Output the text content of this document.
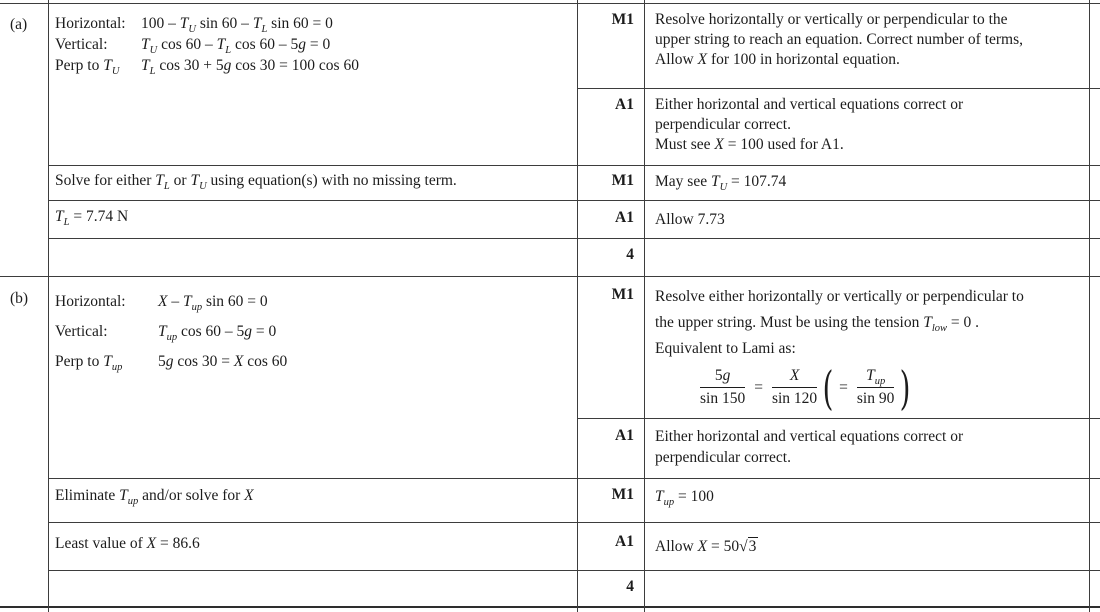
(a) Horizontal: $100 - T_U$ $\sin 60 - T_L$ sin 60 = 0
Vertical:	$T_U$ $\cos 60 - T_L$ cos 60 – 5g = 0
Perp to $T_U$	$T_L$ cos 30 + 5g cos 30 = 100 cos 60
M1 Resolve horizontally or vertically or perpendicular to the
upper string to reach an equation. Correct number of terms,
Allow X for 100 in horizontal equation.
A1 Either horizontal and vertical equations correct or
perpendicular correct.
Must see X = 100 used for A1.
Solve for either $T_L$ or $T_U$ using equation(s) with no missing term.	M1 May see $T_U = 107.74$
$T_L = 7.74$ N	A1 Allow 7.73
4
(b) Horizontal:	X – $T_{up}$ sin 60 = 0
Vertical:	$T_{up}$ cos 60 – 5g = 0
Perp to $T_{up}$	5g cos 30 = X cos 60
M1 Resolve either horizontally or vertically or perpendicular to
the upper string. Must be using the tension $T_{low} = 0$ .
Equivalent to Lami as:
$\frac{5g}{\sin 150} = \frac{X}{\sin 120}$ ( = $\frac{T_{up}}{\sin 90}$ )
A1 Either horizontal and vertical equations correct or
perpendicular correct.
Eliminate $T_{up}$ and/or solve for X	M1 $T_{up} = 100$
Least value of X = 86.6	A1 Allow X = 50√3
4
